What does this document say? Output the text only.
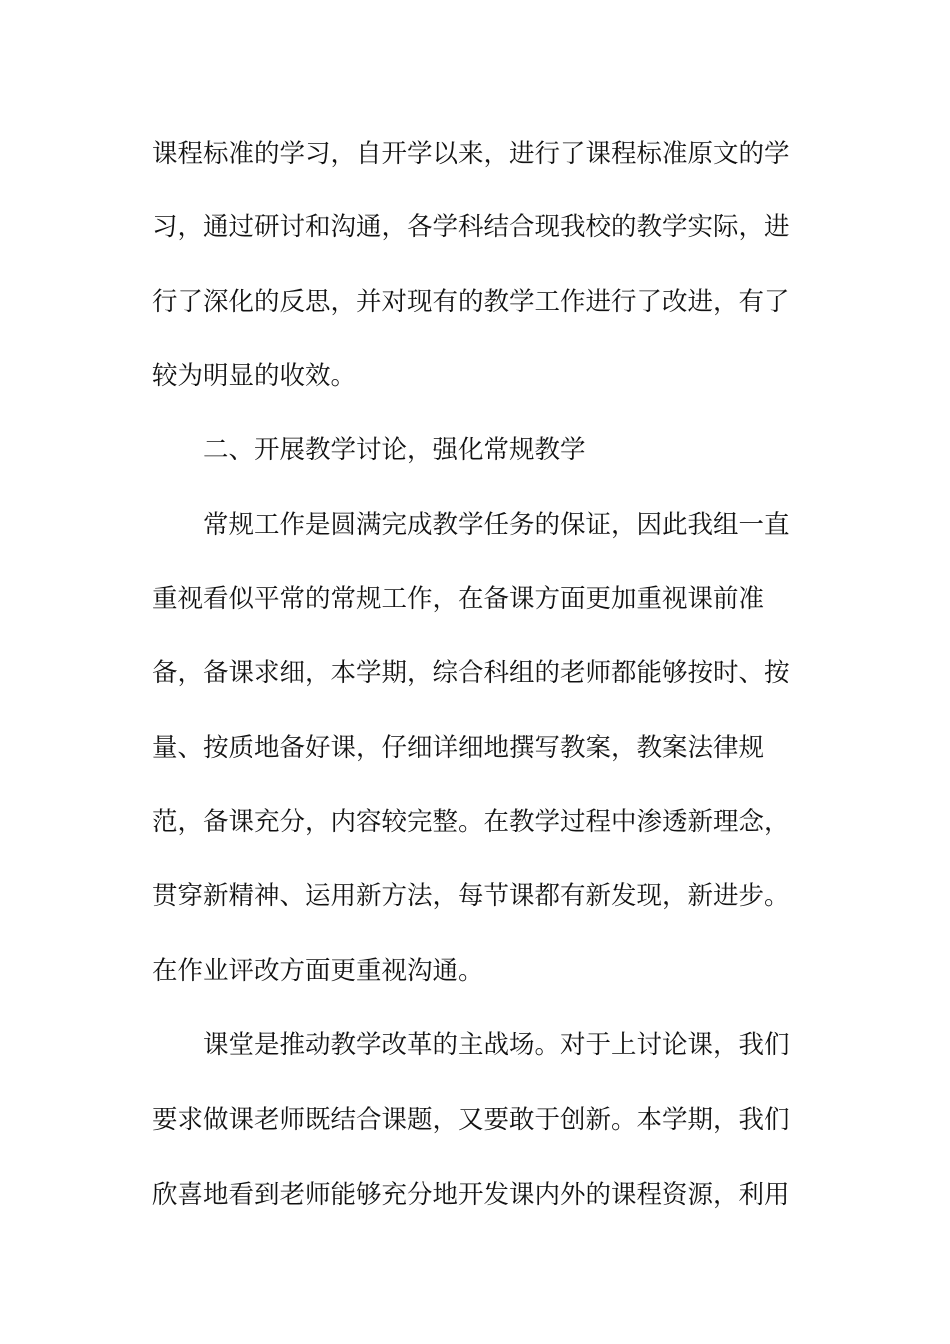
课程标准的学习，自开学以来，进行了课程标准原文的学
习，通过研讨和沟通，各学科结合现我校的教学实际，进
行了深化的反思，并对现有的教学工作进行了改进，有了
较为明显的收效。
二、开展教学讨论，强化常规教学
常规工作是圆满完成教学任务的保证，因此我组一直
重视看似平常的常规工作，在备课方面更加重视课前准
备，备课求细，本学期，综合科组的老师都能够按时、按
量、按质地备好课，仔细详细地撰写教案，教案法律规
范，备课充分，内容较完整。在教学过程中渗透新理念，
贯穿新精神、运用新方法，每节课都有新发现，新进步。
在作业评改方面更重视沟通。
课堂是推动教学改革的主战场。对于上讨论课，我们
要求做课老师既结合课题，又要敢于创新。本学期，我们
欣喜地看到老师能够充分地开发课内外的课程资源，利用
